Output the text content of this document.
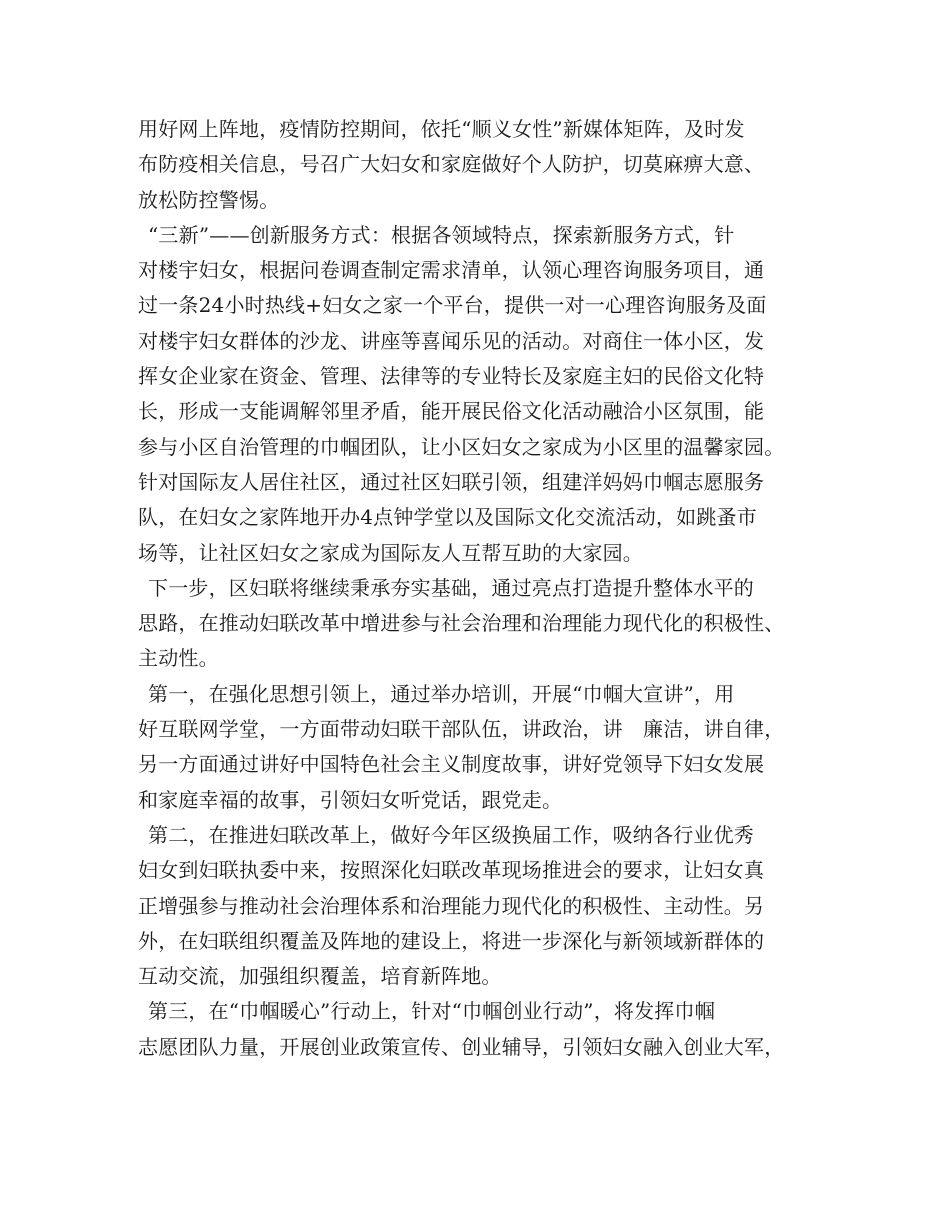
用好网上阵地，疫情防控期间，依托“顺义女性”新媒体矩阵，及时发
布防疫相关信息，号召广大妇女和家庭做好个人防护，切莫麻痹大意、
放松防控警惕。
“三新”——创新服务方式：根据各领域特点，探索新服务方式，针
对楼宇妇女，根据问卷调查制定需求清单，认领心理咨询服务项目，通
过一条24小时热线+妇女之家一个平台，提供一对一心理咨询服务及面
对楼宇妇女群体的沙龙、讲座等喜闻乐见的活动。对商住一体小区，发
挥女企业家在资金、管理、法律等的专业特长及家庭主妇的民俗文化特
长，形成一支能调解邻里矛盾，能开展民俗文化活动融洽小区氛围，能
参与小区自治管理的巾帼团队，让小区妇女之家成为小区里的温馨家园。
针对国际友人居住社区，通过社区妇联引领，组建洋妈妈巾帼志愿服务
队，在妇女之家阵地开办4点钟学堂以及国际文化交流活动，如跳蚤市
场等，让社区妇女之家成为国际友人互帮互助的大家园。
下一步，区妇联将继续秉承夯实基础，通过亮点打造提升整体水平的
思路，在推动妇联改革中增进参与社会治理和治理能力现代化的积极性、
主动性。
第一，在强化思想引领上，通过举办培训，开展“巾帼大宣讲”，用
好互联网学堂，一方面带动妇联干部队伍，讲政治，讲　廉洁，讲自律，
另一方面通过讲好中国特色社会主义制度故事，讲好党领导下妇女发展
和家庭幸福的故事，引领妇女听党话，跟党走。
第二，在推进妇联改革上，做好今年区级换届工作，吸纳各行业优秀
妇女到妇联执委中来，按照深化妇联改革现场推进会的要求，让妇女真
正增强参与推动社会治理体系和治理能力现代化的积极性、主动性。另
外，在妇联组织覆盖及阵地的建设上，将进一步深化与新领域新群体的
互动交流，加强组织覆盖，培育新阵地。
第三，在“巾帼暖心”行动上，针对“巾帼创业行动”，将发挥巾帼
志愿团队力量，开展创业政策宣传、创业辅导，引领妇女融入创业大军，
